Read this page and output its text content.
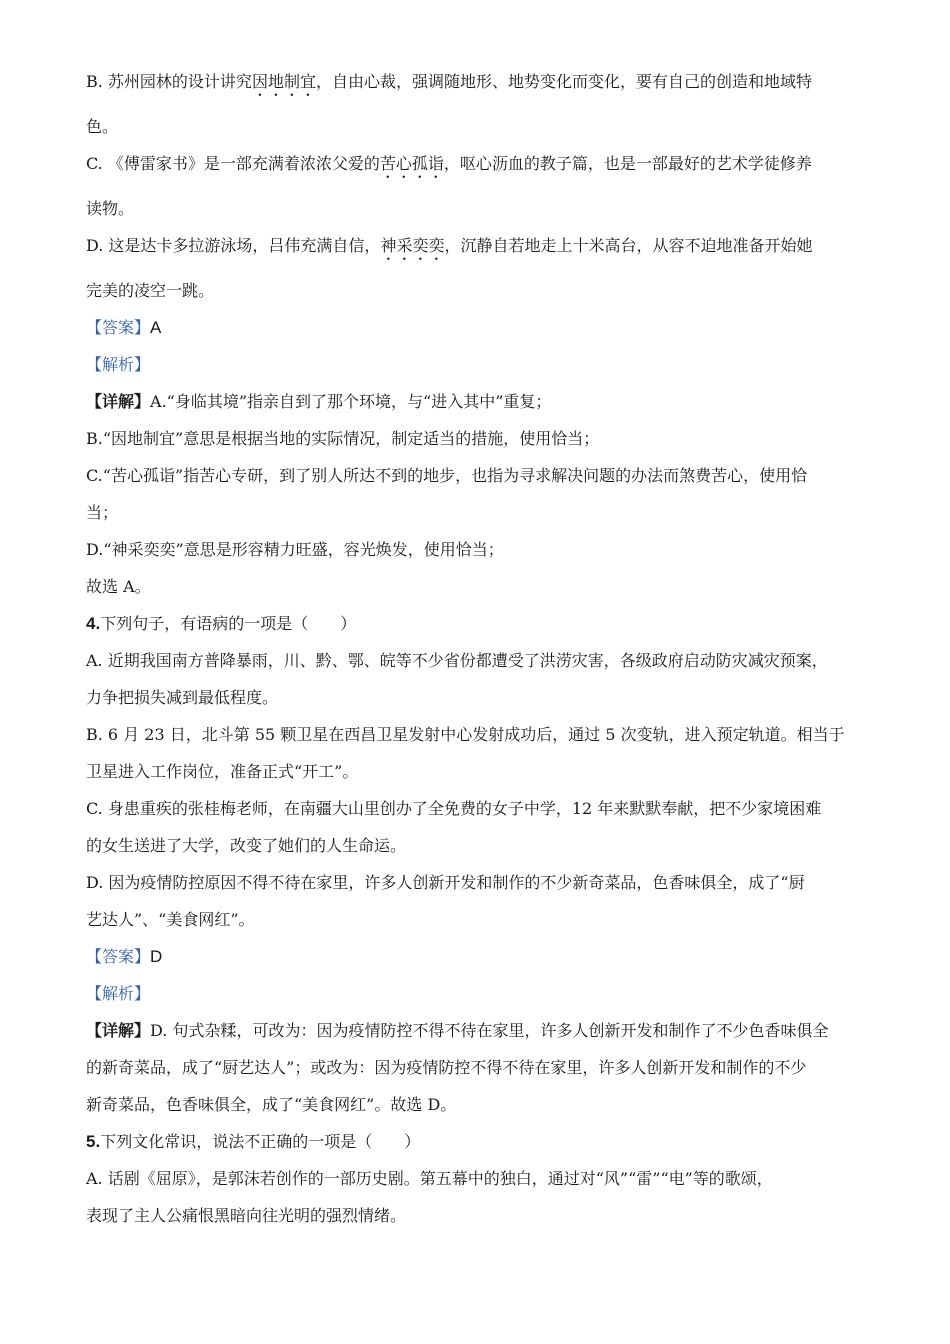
B. 苏州园林的设计讲究因地制宜，自由心裁，强调随地形、地势变化而变化，要有自己的创造和地域特

色。

C. 《傅雷家书》是一部充满着浓浓父爱的苦心孤诣，呕心沥血的教子篇，也是一部最好的艺术学徒修养

读物。

D. 这是达卡多拉游泳场，吕伟充满自信，神采奕奕，沉静自若地走上十米高台，从容不迫地准备开始她

完美的凌空一跳。

【答案】A

【解析】

【详解】A.“身临其境”指亲自到了那个环境，与“进入其中”重复；

B.“因地制宜”意思是根据当地的实际情况，制定适当的措施，使用恰当；

C.“苦心孤诣”指苦心专研，到了别人所达不到的地步，也指为寻求解决问题的办法而煞费苦心，使用恰

当；

D.“神采奕奕”意思是形容精力旺盛，容光焕发，使用恰当；

故选 A。

4.下列句子，有语病的一项是（　　）

A. 近期我国南方普降暴雨，川、黔、鄂、皖等不少省份都遭受了洪涝灾害，各级政府启动防灾减灾预案，

力争把损失减到最低程度。

B. 6 月 23 日，北斗第 55 颗卫星在西昌卫星发射中心发射成功后，通过 5 次变轨，进入预定轨道。相当于

卫星进入工作岗位，准备正式“开工”。

C. 身患重疾的张桂梅老师，在南疆大山里创办了全免费的女子中学，12 年来默默奉献，把不少家境困难

的女生送进了大学，改变了她们的人生命运。

D. 因为疫情防控原因不得不待在家里，许多人创新开发和制作的不少新奇菜品，色香味俱全，成了“厨

艺达人”、“美食网红”。

【答案】D

【解析】

【详解】D. 句式杂糅，可改为：因为疫情防控不得不待在家里，许多人创新开发和制作了不少色香味俱全

的新奇菜品，成了“厨艺达人”；或改为：因为疫情防控不得不待在家里，许多人创新开发和制作的不少

新奇菜品，色香味俱全，成了“美食网红”。故选 D。

5.下列文化常识，说法不正确的一项是（　　）

A. 话剧《屈原》，是郭沫若创作的一部历史剧。第五幕中的独白，通过对“风”“雷”“电”等的歌颂，

表现了主人公痛恨黑暗向往光明的强烈情绪。
